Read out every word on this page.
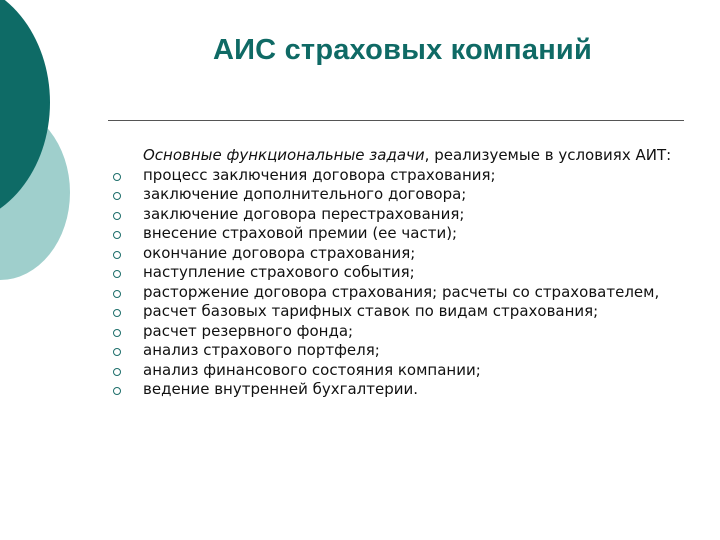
АИС страховых компаний
Основные функциональные задачи, реализуемые в условиях АИТ:
процесс заключения договора страхования;
заключение дополнительного договора;
заключение договора перестрахования;
внесение страховой премии (ее части);
окончание договора страхования;
наступление страхового события;
расторжение договора страхования; расчеты со страхователем,
расчет базовых тарифных ставок по видам страхования;
расчет резервного фонда;
анализ страхового портфеля;
анализ финансового состояния компании;
ведение внутренней бухгалтерии.
